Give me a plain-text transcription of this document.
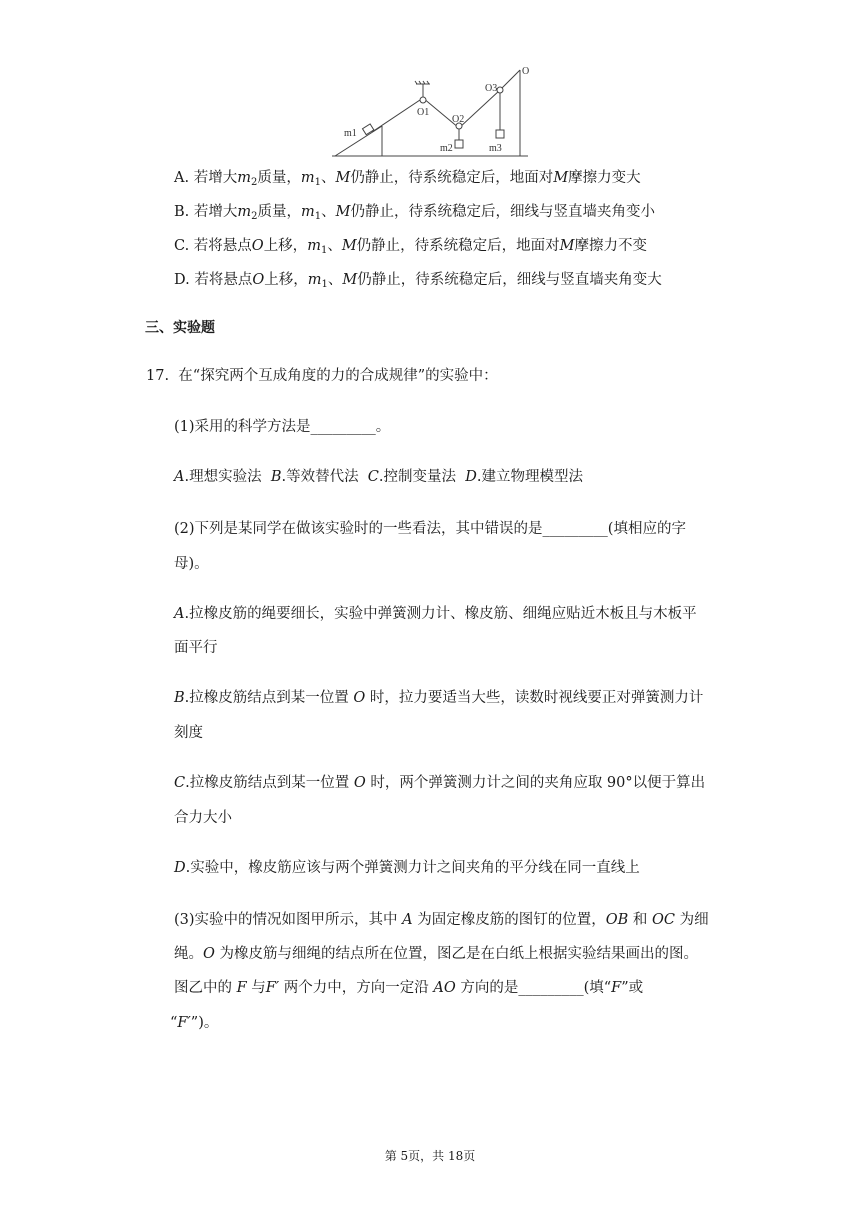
m1
O1
O2
O3
O
m2	m3
A. 若增大$m_2$质量，$m_1$、M仍静止，待系统稳定后，地面对M摩擦力变大
B. 若增大$m_2$质量，$m_1$、M仍静止，待系统稳定后，细线与竖直墙夹角变小
C. 若将悬点O上移，$m_1$、M仍静止，待系统稳定后，地面对M摩擦力不变
D. 若将悬点O上移，$m_1$、M仍静止，待系统稳定后，细线与竖直墙夹角变大
三、实验题
17. 在“探究两个互成角度的力的合成规律”的实验中：
(1)采用的科学方法是_________。
A.理想实验法 B.等效替代法 C.控制变量法 D.建立物理模型法
(2)下列是某同学在做该实验时的一些看法，其中错误的是_________(填相应的字
母)。
A.拉橡皮筋的绳要细长，实验中弹簧测力计、橡皮筋、细绳应贴近木板且与木板平
面平行
B.拉橡皮筋结点到某一位置 O 时，拉力要适当大些，读数时视线要正对弹簧测力计
刻度
C.拉橡皮筋结点到某一位置 O 时，两个弹簧测力计之间的夹角应取 90°以便于算出
合力大小
D.实验中，橡皮筋应该与两个弹簧测力计之间夹角的平分线在同一直线上
(3)实验中的情况如图甲所示，其中 A 为固定橡皮筋的图钉的位置，OB 和 OC 为细
绳。O 为橡皮筋与细绳的结点所在位置，图乙是在白纸上根据实验结果画出的图。
图乙中的 F 与F′ 两个力中，方向一定沿 AO 方向的是_________(填“F”或
“F′”)。
第 5页，共 18页
